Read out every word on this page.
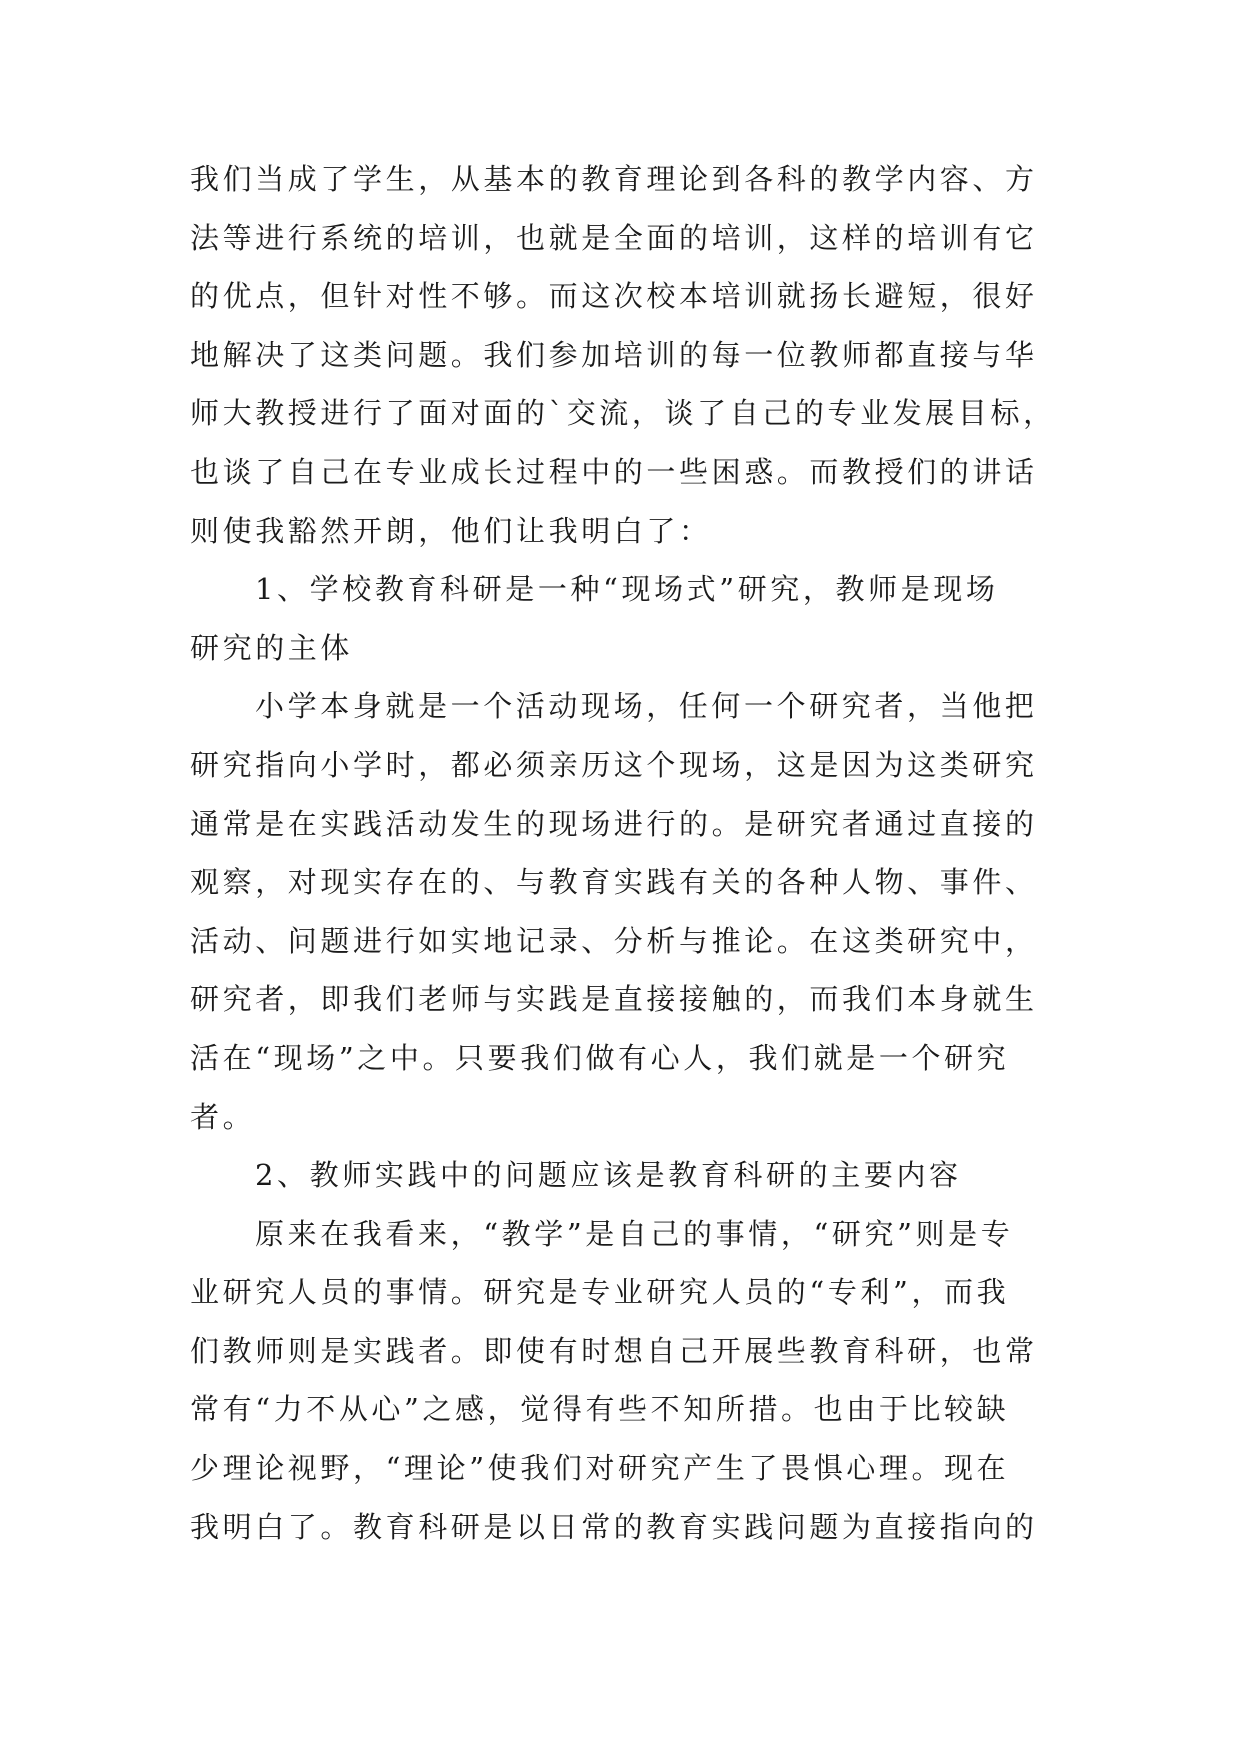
我们当成了学生，从基本的教育理论到各科的教学内容、方
法等进行系统的培训，也就是全面的培训，这样的培训有它
的优点，但针对性不够。而这次校本培训就扬长避短，很好
地解决了这类问题。我们参加培训的每一位教师都直接与华
师大教授进行了面对面的`交流，谈了自己的专业发展目标，
也谈了自己在专业成长过程中的一些困惑。而教授们的讲话
则使我豁然开朗，他们让我明白了：
1、学校教育科研是一种“现场式”研究，教师是现场
研究的主体
小学本身就是一个活动现场，任何一个研究者，当他把
研究指向小学时，都必须亲历这个现场，这是因为这类研究
通常是在实践活动发生的现场进行的。是研究者通过直接的
观察，对现实存在的、与教育实践有关的各种人物、事件、
活动、问题进行如实地记录、分析与推论。在这类研究中，
研究者，即我们老师与实践是直接接触的，而我们本身就生
活在“现场”之中。只要我们做有心人，我们就是一个研究
者。
2、教师实践中的问题应该是教育科研的主要内容
原来在我看来，“教学”是自己的事情，“研究”则是专
业研究人员的事情。研究是专业研究人员的“专利”，而我
们教师则是实践者。即使有时想自己开展些教育科研，也常
常有“力不从心”之感，觉得有些不知所措。也由于比较缺
少理论视野，“理论”使我们对研究产生了畏惧心理。现在
我明白了。教育科研是以日常的教育实践问题为直接指向的
